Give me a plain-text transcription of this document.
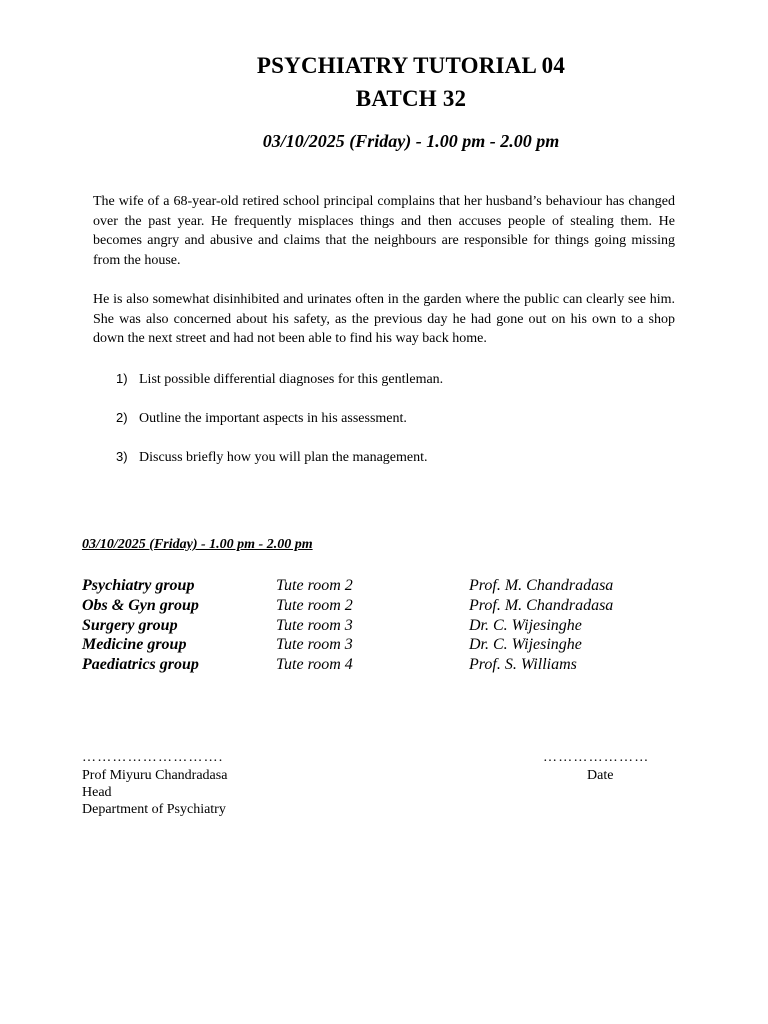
PSYCHIATRY TUTORIAL 04
BATCH 32
03/10/2025 (Friday) - 1.00 pm - 2.00 pm

The wife of a 68-year-old retired school principal complains that her husband’s behaviour has changed over the past year. He frequently misplaces things and then accuses people of stealing them. He becomes angry and abusive and claims that the neighbours are responsible for things going missing from the house.

He is also somewhat disinhibited and urinates often in the garden where the public can clearly see him. She was also concerned about his safety, as the previous day he had gone out on his own to a shop down the next street and had not been able to find his way back home.

1) List possible differential diagnoses for this gentleman.
2) Outline the important aspects in his assessment.
3) Discuss briefly how you will plan the management.
03/10/2025 (Friday) - 1.00 pm - 2.00 pm
Psychiatry group	Tute room 2	Prof. M. Chandradasa
Obs & Gyn group	Tute room 2	Prof. M. Chandradasa
Surgery group	Tute room 3	Dr. C. Wijesinghe
Medicine group	Tute room 3	Dr. C. Wijesinghe
Paediatrics group	Tute room 4	Prof. S. Williams
……………………….	…………………
Prof Miyuru Chandradasa
Head
Department of Psychiatry
Date
